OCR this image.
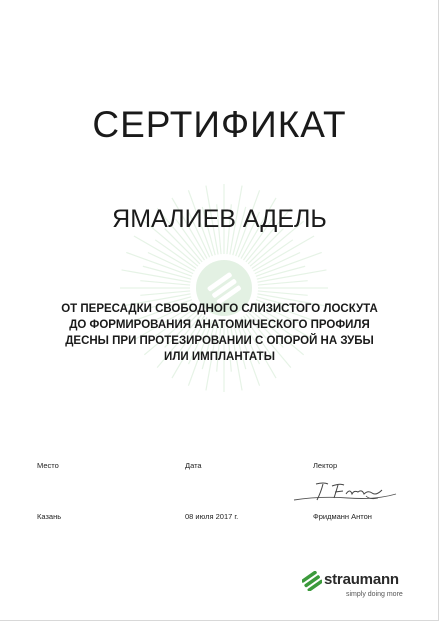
СЕРТИФИКАТ
ЯМАЛИЕВ АДЕЛЬ
ОТ ПЕРЕСАДКИ СВОБОДНОГО СЛИЗИСТОГО ЛОСКУТА
ДО ФОРМИРОВАНИЯ АНАТОМИЧЕСКОГО ПРОФИЛЯ
ДЕСНЫ ПРИ ПРОТЕЗИРОВАНИИ С ОПОРОЙ НА ЗУБЫ
ИЛИ ИМПЛАНТАТЫ
Место	Дата	Лектор
Казань	08 июля 2017 г.	Фридманн Антон
straumann
simply doing more
